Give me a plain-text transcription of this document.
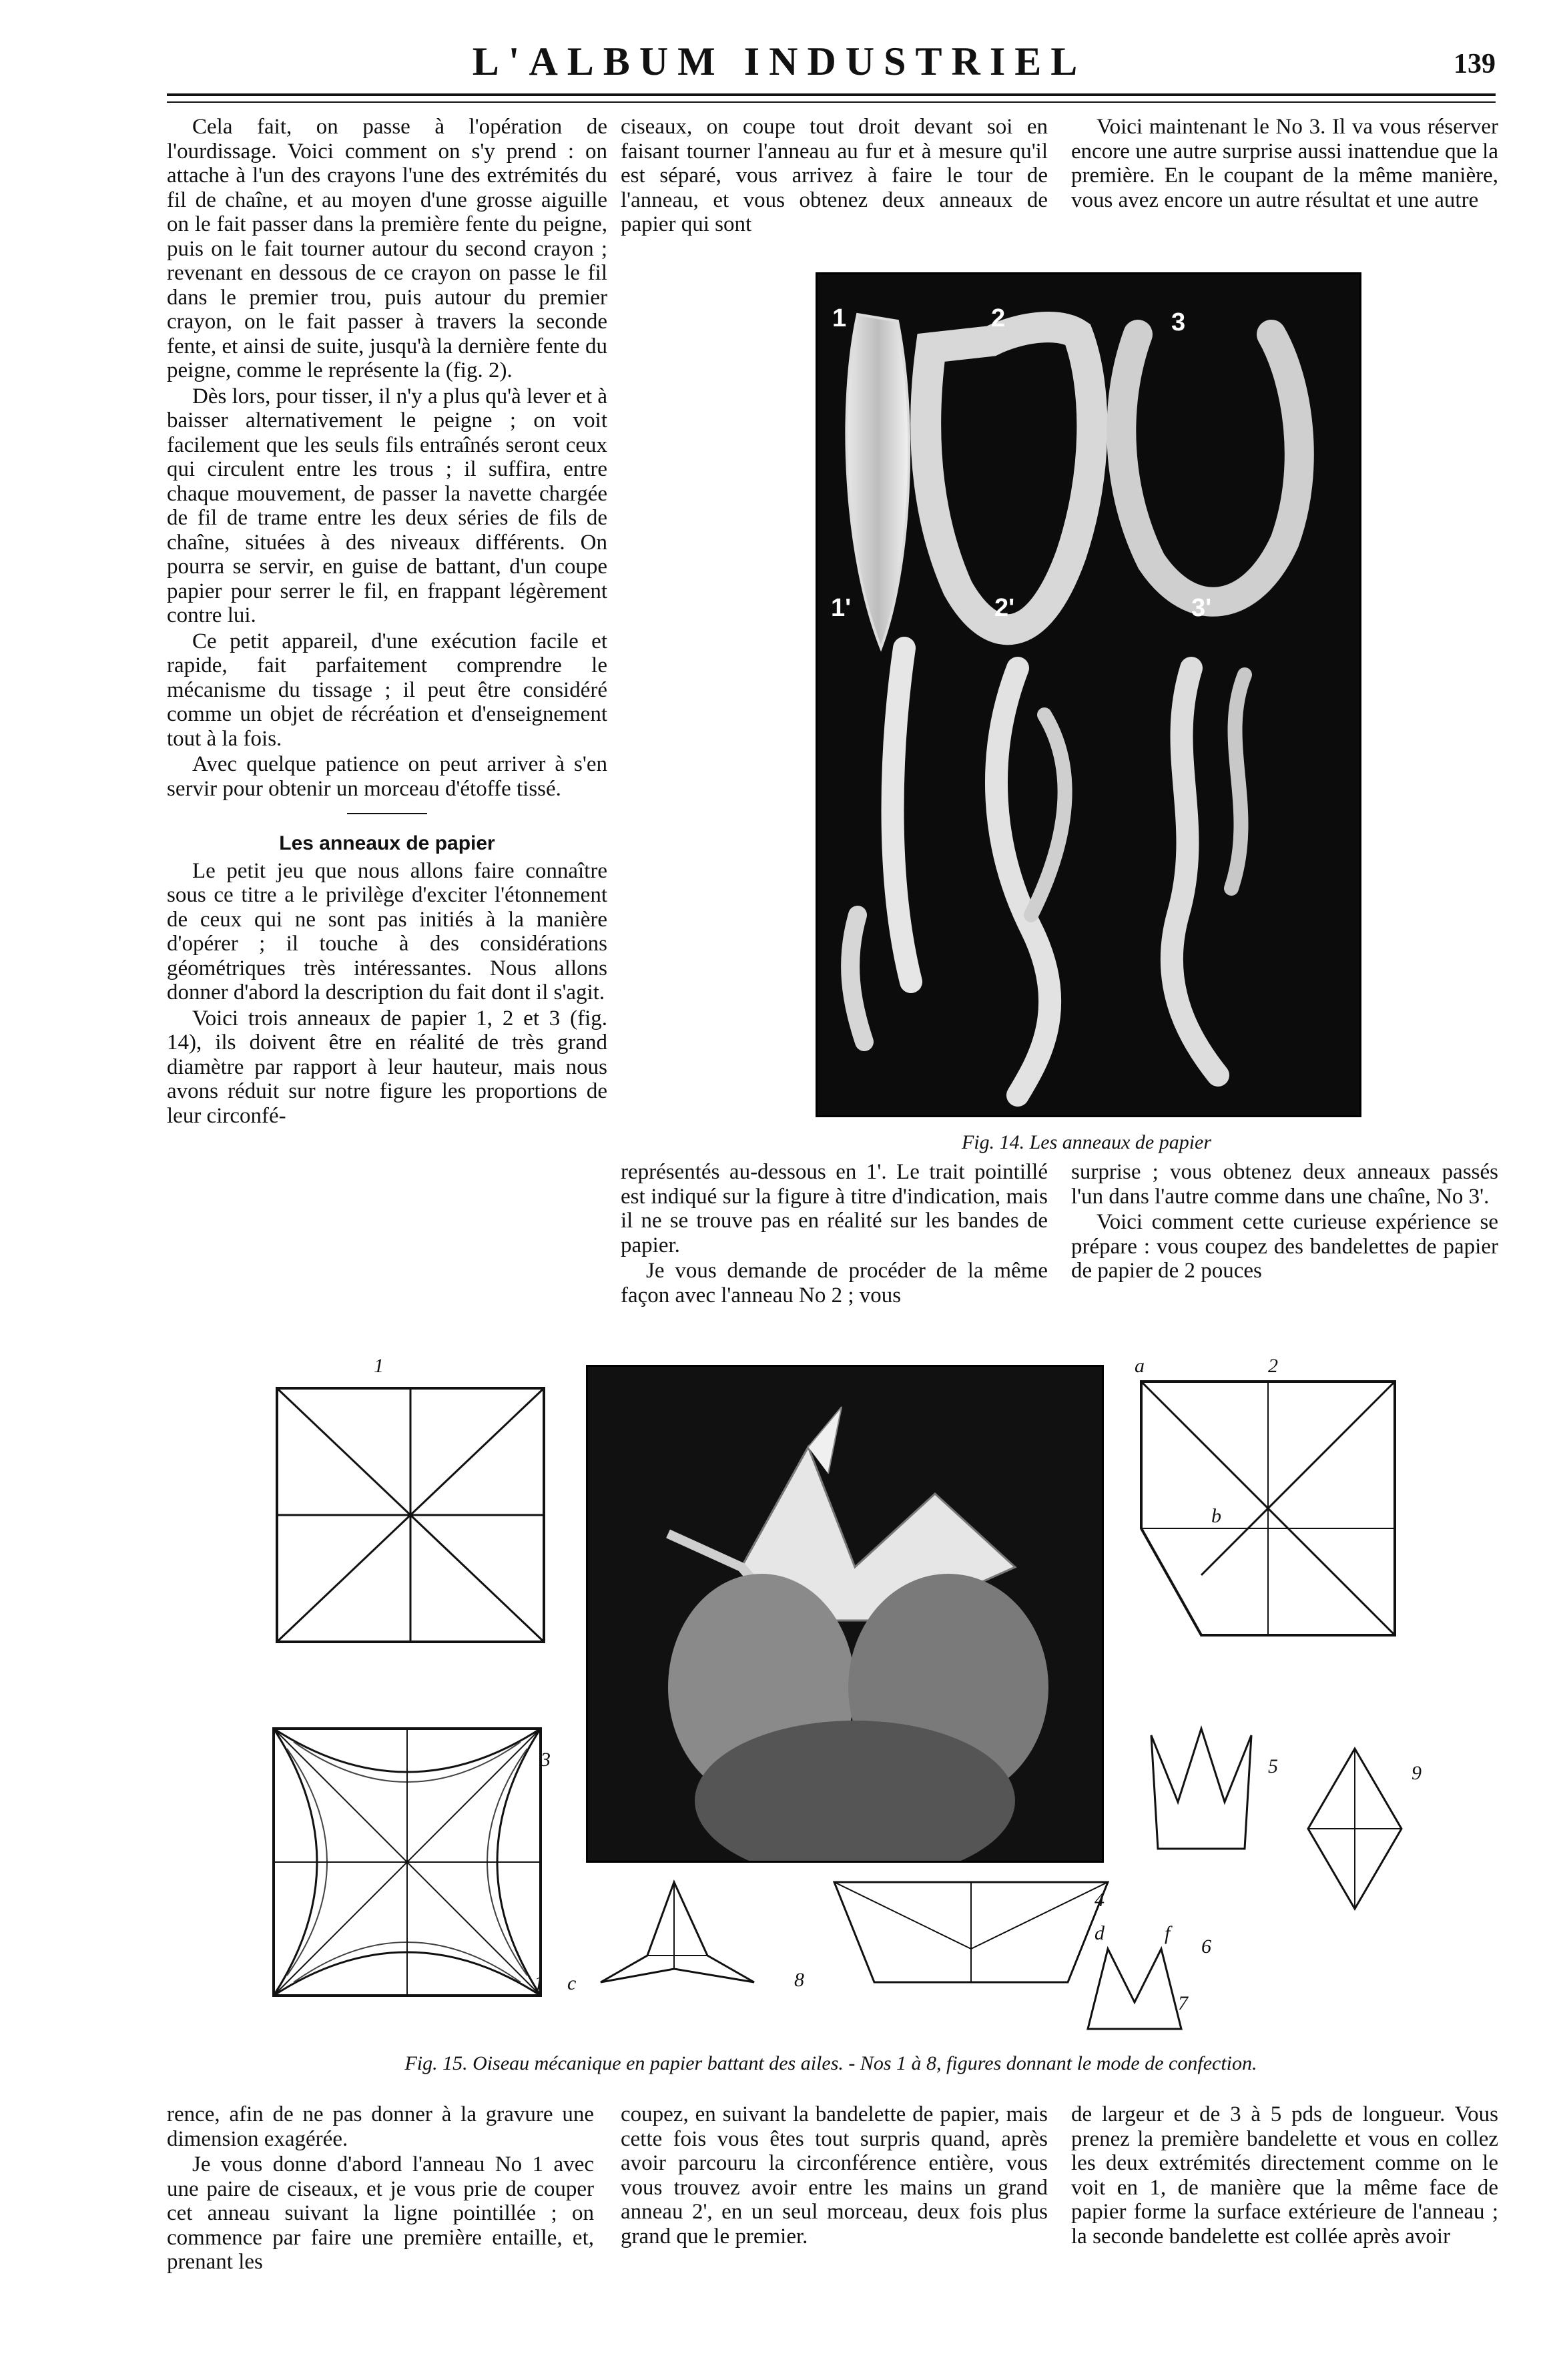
L'ALBUM INDUSTRIEL	139

Cela fait, on passe à l'opération de l'ourdissage. Voici comment on s'y prend : on attache à l'un des crayons l'une des extrémités du fil de chaîne, et au moyen d'une grosse aiguille on le fait passer dans la première fente du peigne, puis on le fait tourner autour du second crayon ; revenant en dessous de ce crayon on passe le fil dans le premier trou, puis autour du premier crayon, on le fait passer à travers la seconde fente, et ainsi de suite, jusqu'à la dernière fente du peigne, comme le représente la (fig. 2).

Dès lors, pour tisser, il n'y a plus qu'à lever et à baisser alternativement le peigne ; on voit facilement que les seuls fils entraînés seront ceux qui circulent entre les trous ; il suffira, entre chaque mouvement, de passer la navette chargée de fil de trame entre les deux séries de fils de chaîne, situées à des niveaux différents. On pourra se servir, en guise de battant, d'un coupe papier pour serrer le fil, en frappant légèrement contre lui.

Ce petit appareil, d'une exécution facile et rapide, fait parfaitement comprendre le mécanisme du tissage ; il peut être considéré comme un objet de récréation et d'enseignement tout à la fois.

Avec quelque patience on peut arriver à s'en servir pour obtenir un morceau d'étoffe tissé.

Les anneaux de papier

Le petit jeu que nous allons faire connaître sous ce titre a le privilège d'exciter l'étonnement de ceux qui ne sont pas initiés à la manière d'opérer ; il touche à des considérations géométriques très intéressantes. Nous allons donner d'abord la description du fait dont il s'agit.

Voici trois anneaux de papier 1, 2 et 3 (fig. 14), ils doivent être en réalité de très grand diamètre par rapport à leur hauteur, mais nous avons réduit sur notre figure les proportions de leur circonfé-

ciseaux, on coupe tout droit devant soi en faisant tourner l'anneau au fur et à mesure qu'il est séparé, vous arrivez à faire le tour de l'anneau, et vous obtenez deux anneaux de papier qui sont

Voici maintenant le No 3. Il va vous réserver encore une autre surprise aussi inattendue que la première. En le coupant de la même manière, vous avez encore un autre résultat et une autre

1	2	3
1'	2'	3'
Fig. 14. Les anneaux de papier

représentés au-dessous en 1'. Le trait pointillé est indiqué sur la figure à titre d'indication, mais il ne se trouve pas en réalité sur les bandes de papier.

Je vous demande de procéder de la même façon avec l'anneau No 2 ; vous

surprise ; vous obtenez deux anneaux passés l'un dans l'autre comme dans une chaîne, No 3'.

Voici comment cette curieuse expérience se prépare : vous coupez des bandelettes de papier de papier de 2 pouces

1
3
8
a	2
b
5	9
4
d	f
6
7
1 c
Fig. 15. Oiseau mécanique en papier battant des ailes. - Nos 1 à 8, figures donnant le mode de confection.

rence, afin de ne pas donner à la gravure une dimension exagérée.

Je vous donne d'abord l'anneau No 1 avec une paire de ciseaux, et je vous prie de couper cet anneau suivant la ligne pointillée ; on commence par faire une première entaille, et, prenant les

coupez, en suivant la bandelette de papier, mais cette fois vous êtes tout surpris quand, après avoir parcouru la circonférence entière, vous vous trouvez avoir entre les mains un grand anneau 2', en un seul morceau, deux fois plus grand que le premier.

de largeur et de 3 à 5 pds de longueur. Vous prenez la première bandelette et vous en collez les deux extrémités directement comme on le voit en 1, de manière que la même face de papier forme la surface extérieure de l'anneau ; la seconde bandelette est collée après avoir
